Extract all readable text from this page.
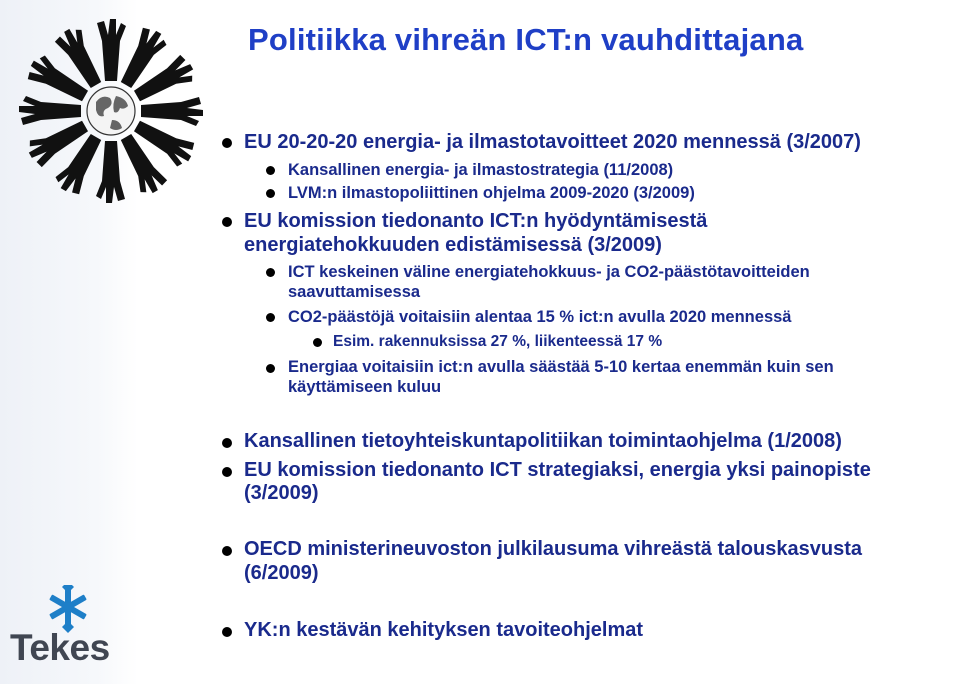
Politiikka vihreän ICT:n vauhdittajana
EU 20-20-20 energia- ja ilmastotavoitteet 2020 mennessä (3/2007)
Kansallinen energia- ja ilmastostrategia (11/2008)
LVM:n ilmastopoliittinen ohjelma 2009-2020 (3/2009)
EU komission tiedonanto ICT:n hyödyntämisestä
energiatehokkuuden edistämisessä (3/2009)
ICT keskeinen väline energiatehokkuus- ja CO2-päästötavoitteiden
saavuttamisessa
CO2-päästöjä voitaisiin alentaa 15 % ict:n avulla 2020 mennessä
Esim. rakennuksissa 27 %, liikenteessä 17 %
Energiaa voitaisiin ict:n avulla säästää 5-10 kertaa enemmän kuin sen
käyttämiseen kuluu
Kansallinen tietoyhteiskuntapolitiikan toimintaohjelma (1/2008)
EU komission tiedonanto ICT strategiaksi, energia yksi painopiste
(3/2009)
OECD ministerineuvoston julkilausuma vihreästä talouskasvusta
(6/2009)
YK:n kestävän kehityksen tavoiteohjelmat
Tekes
